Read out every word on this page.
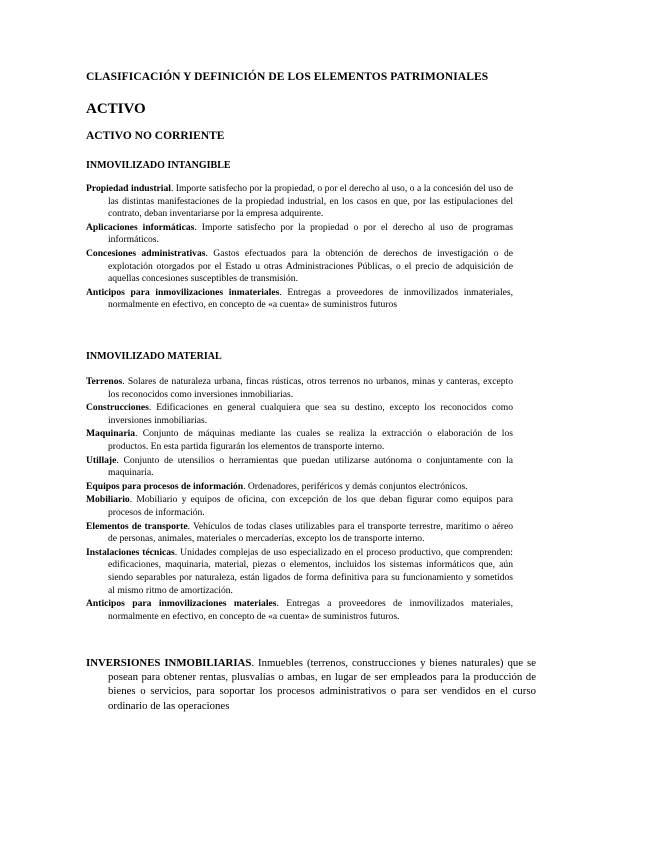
CLASIFICACIÓN Y DEFINICIÓN DE LOS ELEMENTOS PATRIMONIALES
ACTIVO
ACTIVO NO CORRIENTE
INMOVILIZADO INTANGIBLE

Propiedad industrial. Importe satisfecho por la propiedad, o por el derecho al uso, o a la concesión del uso de las distintas manifestaciones de la propiedad industrial, en los casos en que, por las estipulaciones del contrato, deban inventariarse por la empresa adquirente.

Aplicaciones informáticas. Importe satisfecho por la propiedad o por el derecho al uso de programas informáticos.

Concesiones administrativas. Gastos efectuados para la obtención de derechos de investigación o de explotación otorgados por el Estado u otras Administraciones Públicas, o el precio de adquisición de aquellas concesiones susceptibles de transmisión.

Anticipos para inmovilizaciones inmateriales. Entregas a proveedores de inmovilizados inmateriales, normalmente en efectivo, en concepto de «a cuenta» de suministros futuros

INMOVILIZADO MATERIAL

Terrenos. Solares de naturaleza urbana, fincas rústicas, otros terrenos no urbanos, minas y canteras, excepto los reconocidos como inversiones inmobiliarias.

Construcciones. Edificaciones en general cualquiera que sea su destino, excepto los reconocidos como inversiones inmobiliarias.

Maquinaria. Conjunto de máquinas mediante las cuales se realiza la extracción o elaboración de los productos. En esta partida figurarán los elementos de transporte interno.

Utillaje. Conjunto de utensilios o herramientas que puedan utilizarse autónoma o conjuntamente con la maquinaria.

Equipos para procesos de información. Ordenadores, periféricos y demás conjuntos electrónicos.

Mobiliario. Mobiliario y equipos de oficina, con excepción de los que deban figurar como equipos para procesos de información.

Elementos de transporte. Vehículos de todas clases utilizables para el transporte terrestre, marítimo o aéreo de personas, animales, materiales o mercaderías, excepto los de transporte interno.

Instalaciones técnicas. Unidades complejas de uso especializado en el proceso productivo, que comprenden: edificaciones, maquinaria, material, piezas o elementos, incluidos los sistemas informáticos que, aún siendo separables por naturaleza, están ligados de forma definitiva para su funcionamiento y sometidos al mismo ritmo de amortización.

Anticipos para inmovilizaciones materiales. Entregas a proveedores de inmovilizados materiales, normalmente en efectivo, en concepto de «a cuenta» de suministros futuros.

INVERSIONES INMOBILIARIAS. Inmuebles (terrenos, construcciones y bienes naturales) que se posean para obtener rentas, plusvalías o ambas, en lugar de ser empleados para la producción de bienes o servicios, para soportar los procesos administrativos o para ser vendidos en el curso ordinario de las operaciones
